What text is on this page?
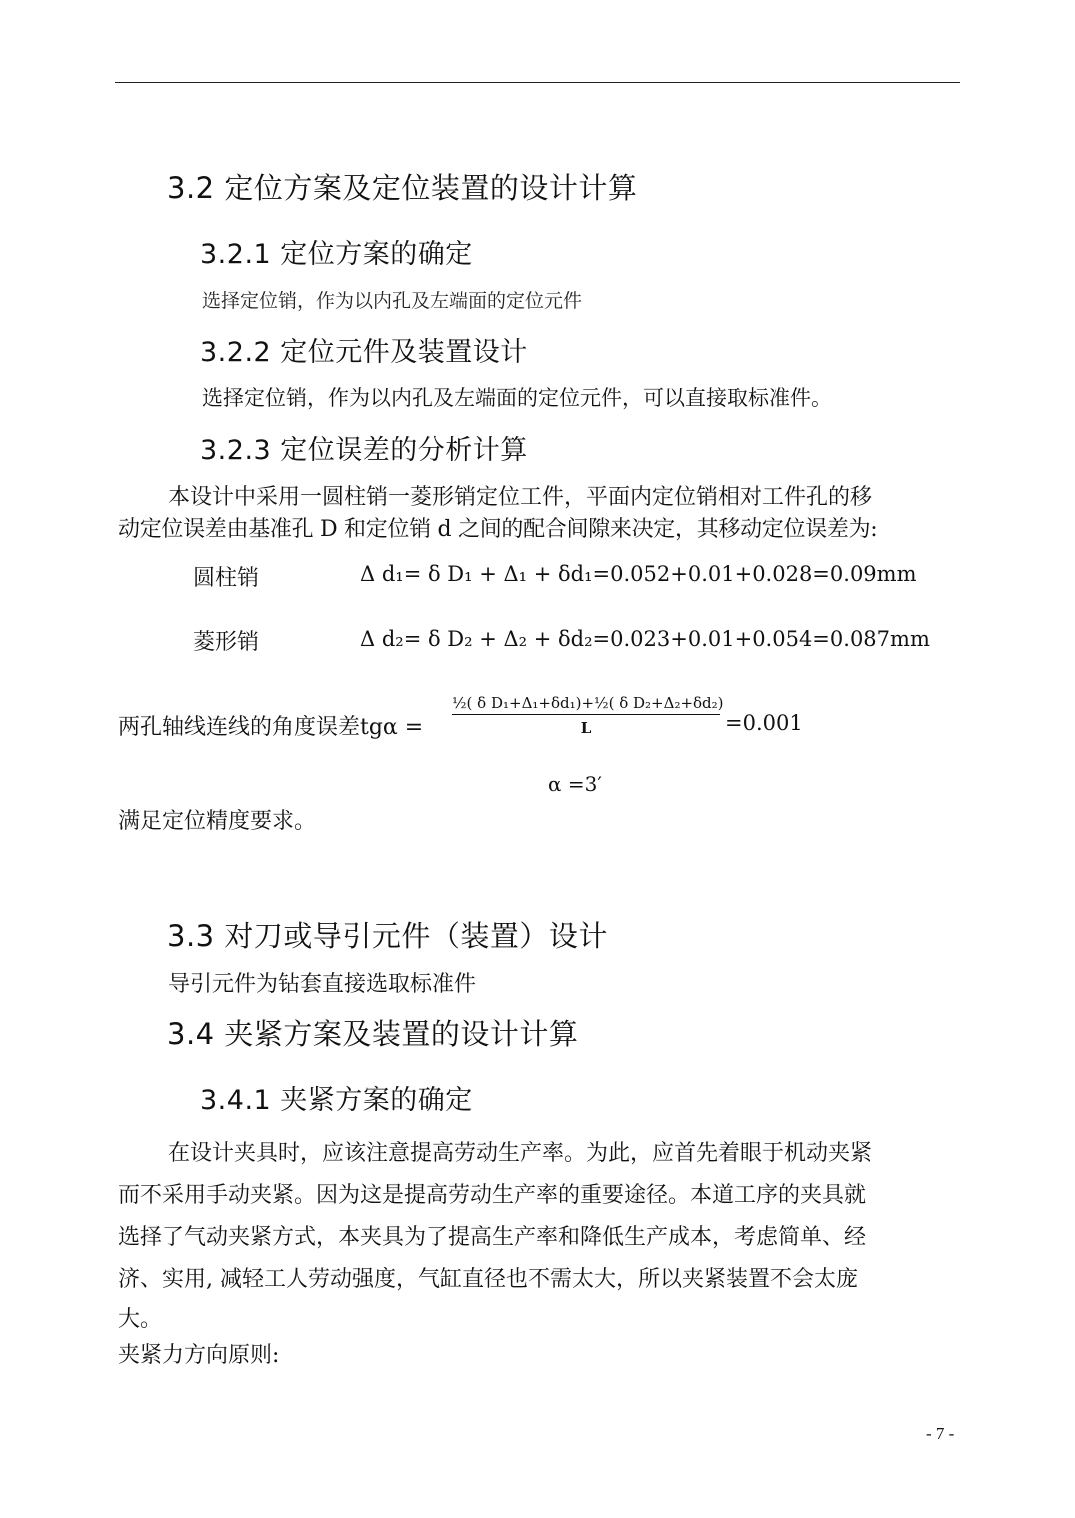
3.2 定位方案及定位装置的设计计算
3.2.1 定位方案的确定
选择定位销，作为以内孔及左端面的定位元件
3.2.2 定位元件及装置设计
选择定位销，作为以内孔及左端面的定位元件，可以直接取标准件。
3.2.3 定位误差的分析计算
本设计中采用一圆柱销一菱形销定位工件，平面内定位销相对工件孔的移
动定位误差由基准孔 D 和定位销 d 之间的配合间隙来决定，其移动定位误差为:
圆柱销	Δ d₁= δ D₁ + Δ₁ + δd₁=0.052+0.01+0.028=0.09mm
菱形销	Δ d₂= δ D₂ + Δ₂ + δd₂=0.023+0.01+0.054=0.087mm
两孔轴线连线的角度误差$tg\alpha = \frac{\text{½( δ D₁+Δ₁+δd₁)+½( δ D₂+Δ₂+δd₂)}}{L} =0.001$
α =3′
满足定位精度要求。
3.3 对刀或导引元件（装置）设计
导引元件为钻套直接选取标准件
3.4 夹紧方案及装置的设计计算
3.4.1 夹紧方案的确定
在设计夹具时，应该注意提高劳动生产率。为此，应首先着眼于机动夹紧
而不采用手动夹紧。因为这是提高劳动生产率的重要途径。本道工序的夹具就
选择了气动夹紧方式，本夹具为了提高生产率和降低生产成本，考虑简单、经
济、实用, 减轻工人劳动强度，气缸直径也不需太大，所以夹紧装置不会太庞
大。
夹紧力方向原则:
- 7 -
